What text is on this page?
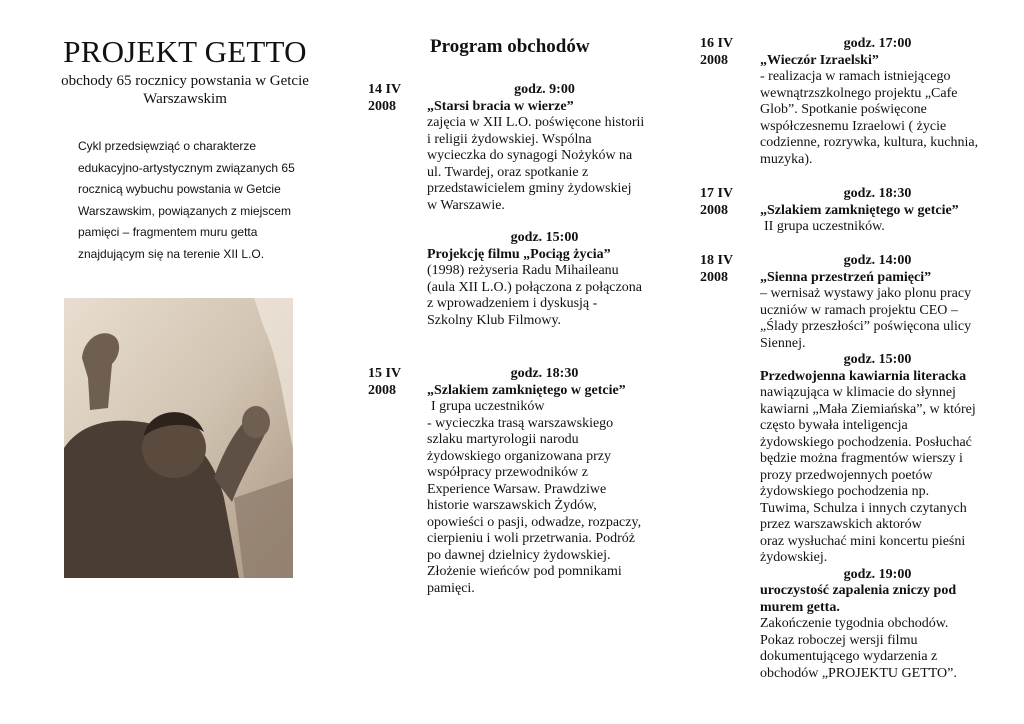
PROJEKT GETTO
obchody 65 rocznicy powstania w Getcie Warszawskim

Cykl przedsięwziąć o charakterze

edukacyjno-artystycznym związanych 65

rocznicą wybuchu powstania w Getcie

Warszawskim, powiązanych z miejscem

pamięci – fragmentem muru getta

znajdującym się na terenie XII L.O.

Program obchodów

14 IV

2008

godz. 9:00

„Starsi bracia w wierze”

zajęcia w XII L.O. poświęcone historii

i religii żydowskiej. Wspólna

wycieczka do synagogi Nożyków na

ul. Twardej, oraz spotkanie z

przedstawicielem gminy żydowskiej

w Warszawie.

godz. 15:00

Projekcję filmu „Pociąg życia”

(1998) reżyseria Radu Mihaileanu

(aula XII L.O.) połączona z połączona

z wprowadzeniem i dyskusją -

Szkolny Klub Filmowy.

15 IV

2008

godz. 18:30

„Szlakiem zamkniętego w getcie”

I grupa uczestników

- wycieczka trasą warszawskiego

szlaku martyrologii narodu

żydowskiego organizowana przy

współpracy przewodników z

Experience Warsaw. Prawdziwe

historie warszawskich Żydów,

opowieści o pasji, odwadze, rozpaczy,

cierpieniu i woli przetrwania. Podróż

po dawnej dzielnicy żydowskiej.

Złożenie wieńców pod pomnikami

pamięci.

16 IV

2008

godz. 17:00

„Wieczór Izraelski”

- realizacja w ramach istniejącego

wewnątrzszkolnego projektu „Cafe

Glob”. Spotkanie poświęcone

współczesnemu Izraelowi ( życie

codzienne, rozrywka, kultura, kuchnia,

muzyka).

17 IV

2008

godz. 18:30

„Szlakiem zamkniętego w getcie”

II grupa uczestników.

18 IV

2008

godz. 14:00

„Sienna przestrzeń pamięci”

– wernisaż wystawy jako plonu pracy

uczniów w ramach projektu CEO –

„Ślady przeszłości” poświęcona ulicy

Siennej.

godz. 15:00

Przedwojenna kawiarnia literacka

nawiązująca w klimacie do słynnej

kawiarni „Mała Ziemiańska”, w której

często bywała inteligencja

żydowskiego pochodzenia. Posłuchać

będzie można fragmentów wierszy i

prozy przedwojennych poetów

żydowskiego pochodzenia np.

Tuwima, Schulza i innych czytanych

przez warszawskich aktorów

oraz wysłuchać mini koncertu pieśni

żydowskiej.

godz. 19:00

uroczystość zapalenia zniczy pod

murem getta.

Zakończenie tygodnia obchodów.

Pokaz roboczej wersji filmu

dokumentującego wydarzenia z

obchodów „PROJEKTU GETTO”.
